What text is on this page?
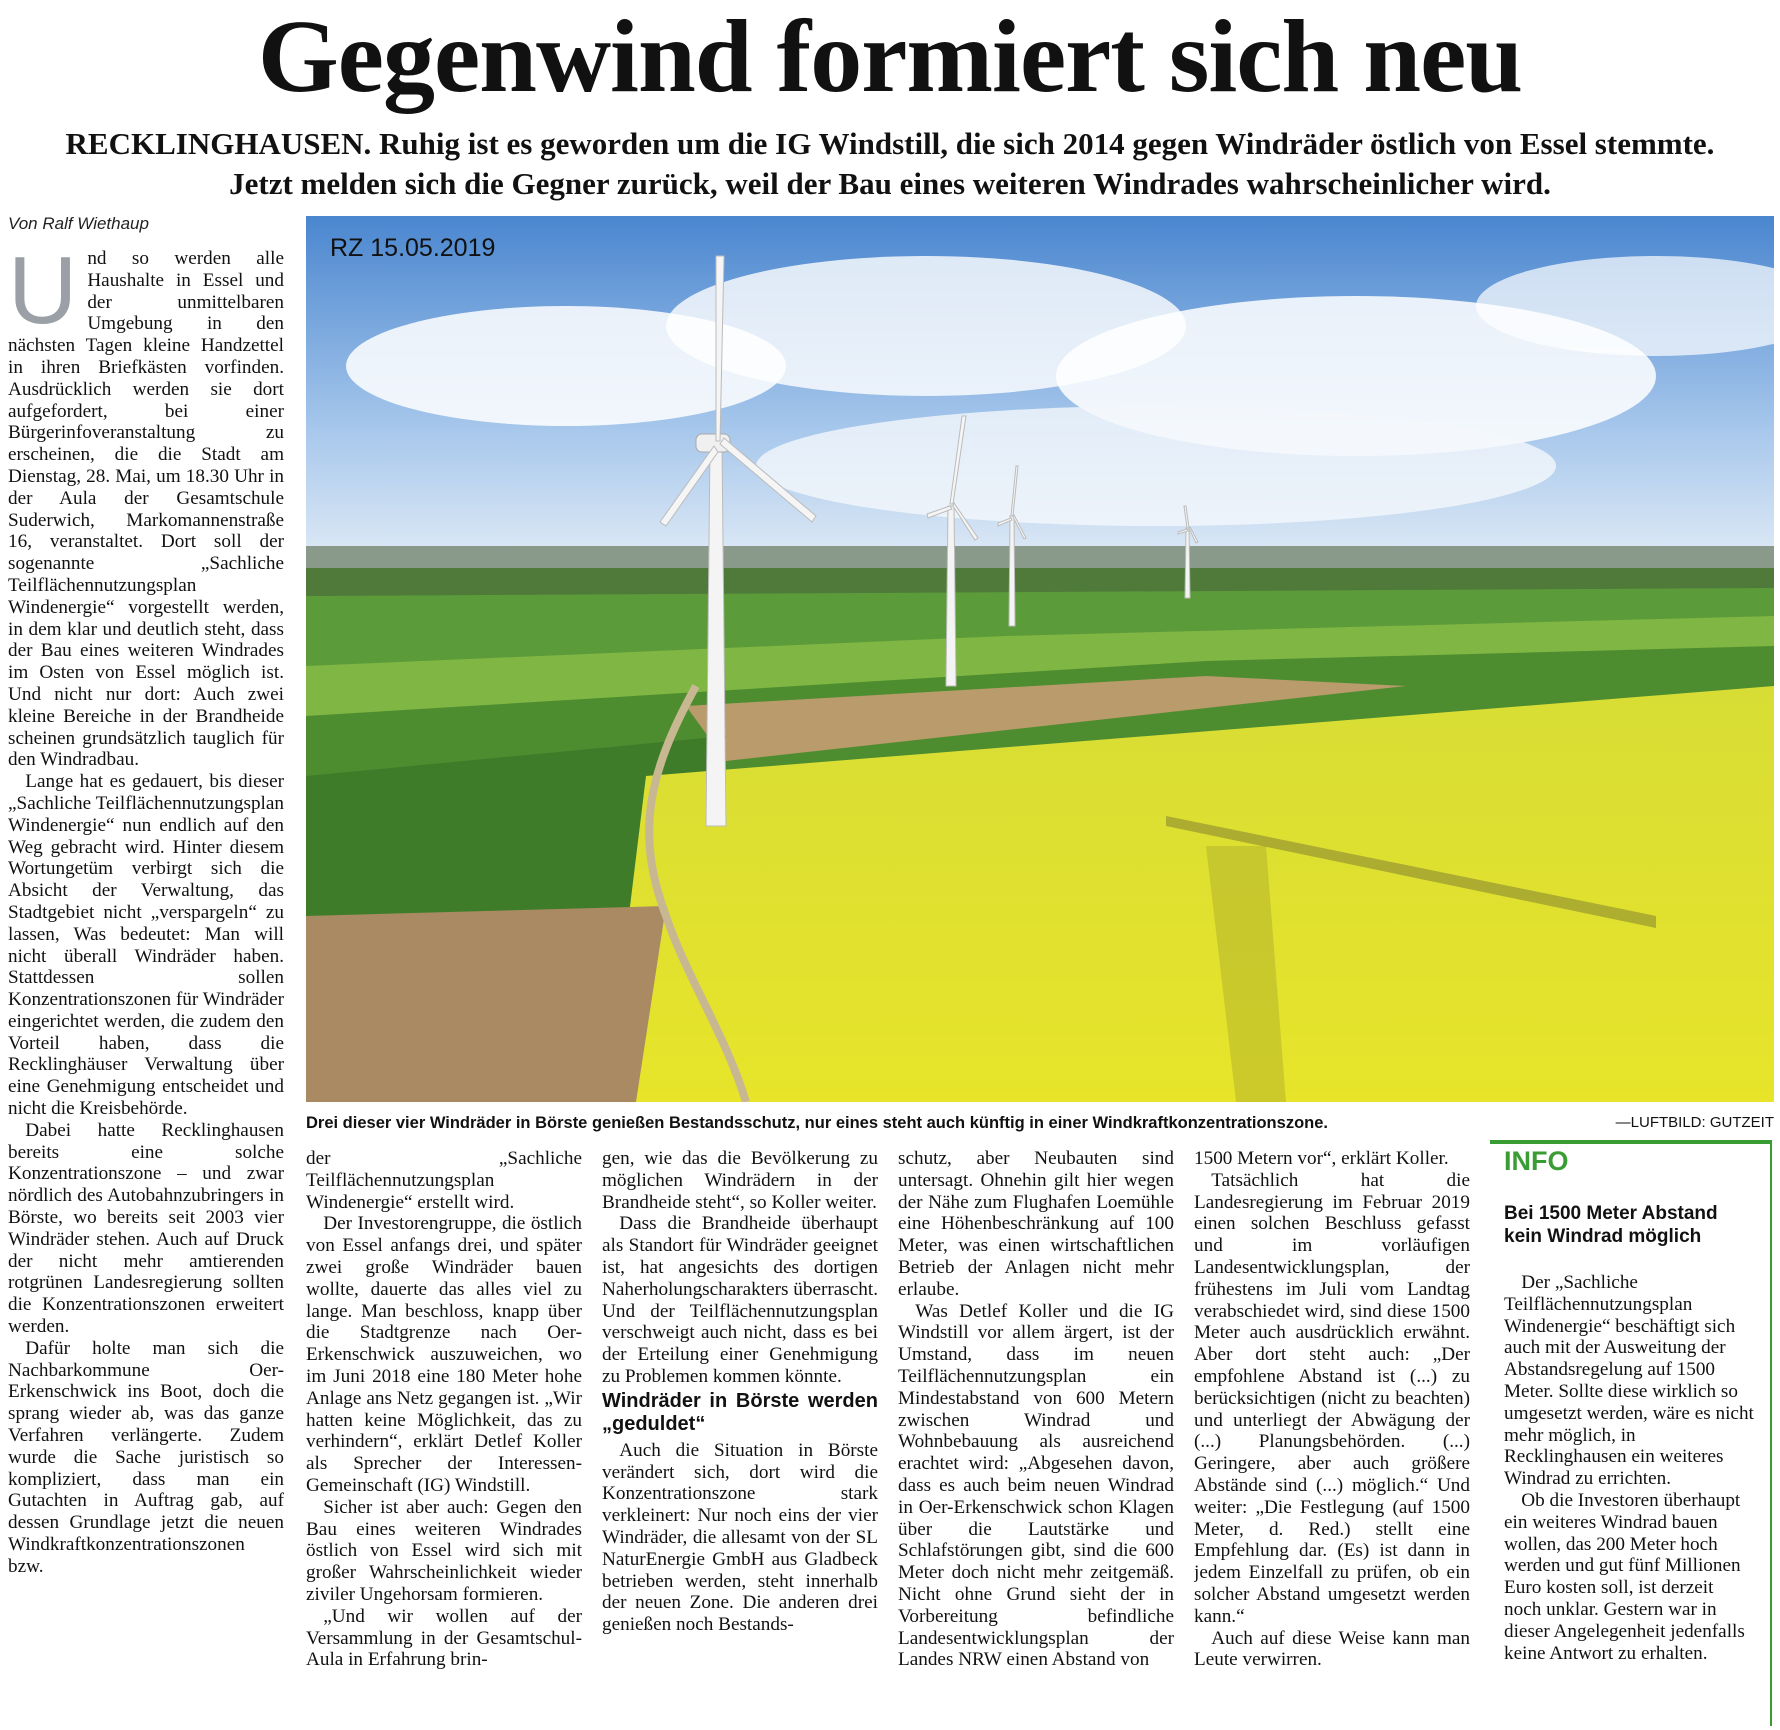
Gegenwind formiert sich neu
RECKLINGHAUSEN. Ruhig ist es geworden um die IG Windstill, die sich 2014 gegen Windräder östlich von Essel stemmte. Jetzt melden sich die Gegner zurück, weil der Bau eines weiteren Windrades wahrscheinlicher wird.
Von Ralf Wiethaup

Und so werden alle Haushalte in Essel und der unmittelbaren Umgebung in den nächsten Tagen kleine Handzettel in ihren Briefkästen vorfinden. Ausdrücklich werden sie dort aufgefordert, bei einer Bürgerinfoveranstaltung zu erscheinen, die die Stadt am Dienstag, 28. Mai, um 18.30 Uhr in der Aula der Gesamtschule Suderwich, Markomannenstraße 16, veranstaltet. Dort soll der sogenannte „Sachliche Teilflächennutzungsplan Windenergie“ vorgestellt werden, in dem klar und deutlich steht, dass der Bau eines weiteren Windrades im Osten von Essel möglich ist. Und nicht nur dort: Auch zwei kleine Bereiche in der Brandheide scheinen grundsätzlich tauglich für den Windradbau.

Lange hat es gedauert, bis dieser „Sachliche Teilflächennutzungsplan Windenergie“ nun endlich auf den Weg gebracht wird. Hinter diesem Wortungetüm verbirgt sich die Absicht der Verwaltung, das Stadtgebiet nicht „verspargeln“ zu lassen, Was bedeutet: Man will nicht überall Windräder haben. Stattdessen sollen Konzentrationszonen für Windräder eingerichtet werden, die zudem den Vorteil haben, dass die Recklinghäuser Verwaltung über eine Genehmigung entscheidet und nicht die Kreisbehörde.

Dabei hatte Recklinghausen bereits eine solche Konzentrationszone – und zwar nördlich des Autobahnzubringers in Börste, wo bereits seit 2003 vier Windräder stehen. Auch auf Druck der nicht mehr amtierenden rotgrünen Landesregierung sollten die Konzentrationszonen erweitert werden.

Dafür holte man sich die Nachbarkommune Oer-Erkenschwick ins Boot, doch die sprang wieder ab, was das ganze Verfahren verlängerte. Zudem wurde die Sache juristisch so kompliziert, dass man ein Gutachten in Auftrag gab, auf dessen Grundlage jetzt die neuen Windkraftkonzentrationszonen bzw.

RZ 15.05.2019
Drei dieser vier Windräder in Börste genießen Bestandsschutz, nur eines steht auch künftig in einer Windkraftkonzentrationszone.	—LUFTBILD: GUTZEIT

der „Sachliche Teilflächennutzungsplan Windenergie“ erstellt wird.

Der Investorengruppe, die östlich von Essel anfangs drei, und später zwei große Windräder bauen wollte, dauerte das alles viel zu lange. Man beschloss, knapp über die Stadtgrenze nach Oer-Erkenschwick auszuweichen, wo im Juni 2018 eine 180 Meter hohe Anlage ans Netz gegangen ist. „Wir hatten keine Möglichkeit, das zu verhindern“, erklärt Detlef Koller als Sprecher der Interessen-Gemeinschaft (IG) Windstill.

Sicher ist aber auch: Gegen den Bau eines weiteren Windrades östlich von Essel wird sich mit großer Wahrscheinlichkeit wieder ziviler Ungehorsam formieren.

„Und wir wollen auf der Versammlung in der Gesamtschul-Aula in Erfahrung brin-

gen, wie das die Bevölkerung zu möglichen Windrädern in der Brandheide steht“, so Koller weiter.

Dass die Brandheide überhaupt als Standort für Windräder geeignet ist, hat angesichts des dortigen Naherholungscharakters überrascht. Und der Teilflächennutzungsplan verschweigt auch nicht, dass es bei der Erteilung einer Genehmigung zu Problemen kommen könnte.

Windräder in Börste werden „geduldet“

Auch die Situation in Börste verändert sich, dort wird die Konzentrationszone stark verkleinert: Nur noch eins der vier Windräder, die allesamt von der SL NaturEnergie GmbH aus Gladbeck betrieben werden, steht innerhalb der neuen Zone. Die anderen drei genießen noch Bestands-

schutz, aber Neubauten sind untersagt. Ohnehin gilt hier wegen der Nähe zum Flughafen Loemühle eine Höhenbeschränkung auf 100 Meter, was einen wirtschaftlichen Betrieb der Anlagen nicht mehr erlaube.

Was Detlef Koller und die IG Windstill vor allem ärgert, ist der Umstand, dass im neuen Teilflächennutzungsplan ein Mindestabstand von 600 Metern zwischen Windrad und Wohnbebauung als ausreichend erachtet wird: „Abgesehen davon, dass es auch beim neuen Windrad in Oer-Erkenschwick schon Klagen über die Lautstärke und Schlafstörungen gibt, sind die 600 Meter doch nicht mehr zeitgemäß. Nicht ohne Grund sieht der in Vorbereitung befindliche Landesentwicklungsplan der Landes NRW einen Abstand von

1500 Metern vor“, erklärt Koller.

Tatsächlich hat die Landesregierung im Februar 2019 einen solchen Beschluss gefasst und im vorläufigen Landesentwicklungsplan, der frühestens im Juli vom Landtag verabschiedet wird, sind diese 1500 Meter auch ausdrücklich erwähnt. Aber dort steht auch: „Der empfohlene Abstand ist (...) zu berücksichtigen (nicht zu beachten) und unterliegt der Abwägung der (...) Planungsbehörden. (...) Geringere, aber auch größere Abstände sind (...) möglich.“ Und weiter: „Die Festlegung (auf 1500 Meter, d. Red.) stellt eine Empfehlung dar. (Es) ist dann in jedem Einzelfall zu prüfen, ob ein solcher Abstand umgesetzt werden kann.“

Auch auf diese Weise kann man Leute verwirren.

INFO
Bei 1500 Meter Abstand kein Windrad möglich

Der „Sachliche Teilflächennutzungsplan Windenergie“ beschäftigt sich auch mit der Ausweitung der Abstandsregelung auf 1500 Meter. Sollte diese wirklich so umgesetzt werden, wäre es nicht mehr möglich, in Recklinghausen ein weiteres Windrad zu errichten.

Ob die Investoren überhaupt ein weiteres Windrad bauen wollen, das 200 Meter hoch werden und gut fünf Millionen Euro kosten soll, ist derzeit noch unklar. Gestern war in dieser Angelegenheit jedenfalls keine Antwort zu erhalten.
